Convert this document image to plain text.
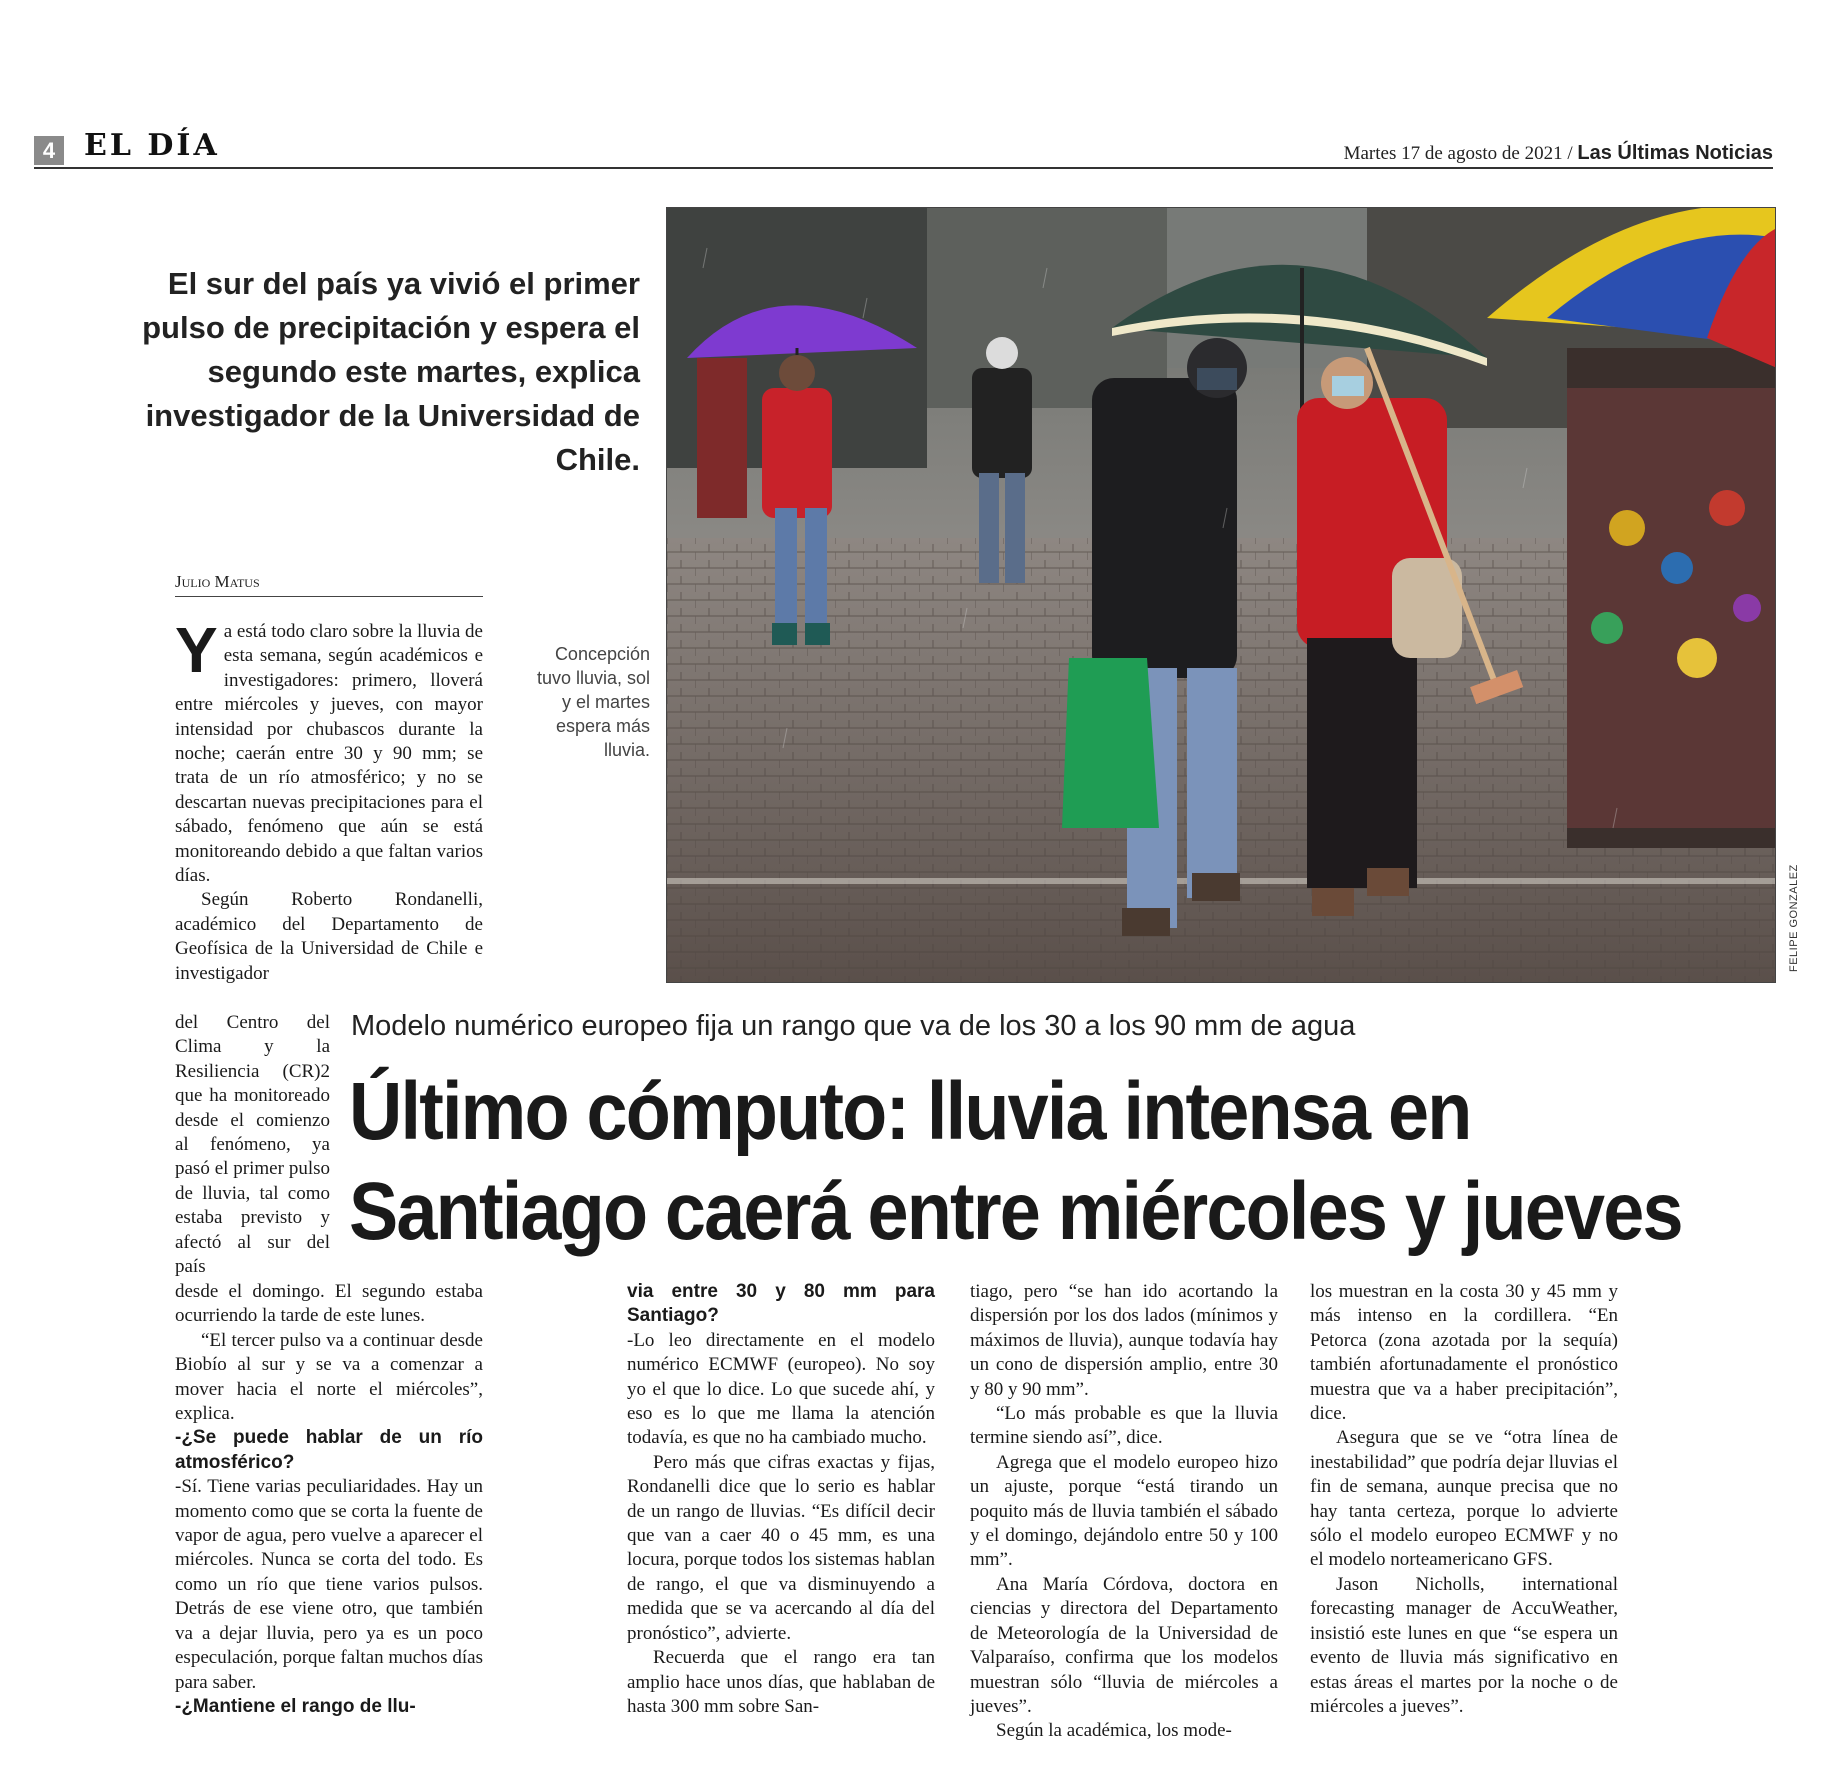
4 EL DÍA	Martes 17 de agosto de 2021 / Las Últimas Noticias
El sur del país ya vivió el primer pulso de precipitación y espera el segundo este martes, explica investigador de la Universidad de Chile.
Julio Matus
Concepción tuvo lluvia, sol y el martes espera más lluvia.
FELIPE GONZALEZ
Modelo numérico europeo fija un rango que va de los 30 a los 90 mm de agua
Último cómputo: lluvia intensa en
Santiago caerá entre miércoles y jueves
Y a está todo claro sobre la lluvia de esta semana, según académicos e investigadores: primero, lloverá entre miércoles y jueves, con mayor intensidad por chubascos durante la noche; caerán entre 30 y 90 mm; se trata de un río atmosférico; y no se descartan nuevas precipitaciones para el sábado, fenómeno que aún se está monitoreando debido a que faltan varios días.

Según Roberto Rondanelli, académico del Departamento de Geofísica de la Universidad de Chile e investigador

del Centro del Clima y la Resiliencia (CR)2 que ha monitoreado desde el comienzo al fenómeno, ya pasó el primer pulso de lluvia, tal como estaba previsto y afectó al sur del país

desde el domingo. El segundo estaba ocurriendo la tarde de este lunes.

“El tercer pulso va a continuar desde Biobío al sur y se va a comenzar a mover hacia el norte el miércoles”, explica.

-¿Se puede hablar de un río atmosférico?

-Sí. Tiene varias peculiaridades. Hay un momento como que se corta la fuente de vapor de agua, pero vuelve a aparecer el miércoles. Nunca se corta del todo. Es como un río que tiene varios pulsos. Detrás de ese viene otro, que también va a dejar lluvia, pero ya es un poco especulación, porque faltan muchos días para saber.

-¿Mantiene el rango de llu-

via entre 30 y 80 mm para Santiago?

-Lo leo directamente en el modelo numérico ECMWF (europeo). No soy yo el que lo dice. Lo que sucede ahí, y eso es lo que me llama la atención todavía, es que no ha cambiado mucho.

Pero más que cifras exactas y fijas, Rondanelli dice que lo serio es hablar de un rango de lluvias. “Es difícil decir que van a caer 40 o 45 mm, es una locura, porque todos los sistemas hablan de rango, el que va disminuyendo a medida que se va acercando al día del pronóstico”, advierte.

Recuerda que el rango era tan amplio hace unos días, que hablaban de hasta 300 mm sobre San-

tiago, pero “se han ido acortando la dispersión por los dos lados (mínimos y máximos de lluvia), aunque todavía hay un cono de dispersión amplio, entre 30 y 80 y 90 mm”.

“Lo más probable es que la lluvia termine siendo así”, dice.

Agrega que el modelo europeo hizo un ajuste, porque “está tirando un poquito más de lluvia también el sábado y el domingo, dejándolo entre 50 y 100 mm”.

Ana María Córdova, doctora en ciencias y directora del Departamento de Meteorología de la Universidad de Valparaíso, confirma que los modelos muestran sólo “lluvia de miércoles a jueves”.

Según la académica, los mode-

los muestran en la costa 30 y 45 mm y más intenso en la cordillera. “En Petorca (zona azotada por la sequía) también afortunadamente el pronóstico muestra que va a haber precipitación”, dice.

Asegura que se ve “otra línea de inestabilidad” que podría dejar lluvias el fin de semana, aunque precisa que no hay tanta certeza, porque lo advierte sólo el modelo europeo ECMWF y no el modelo norteamericano GFS.

Jason Nicholls, international forecasting manager de AccuWeather, insistió este lunes en que “se espera un evento de lluvia más significativo en estas áreas el martes por la noche o de miércoles a jueves”.
